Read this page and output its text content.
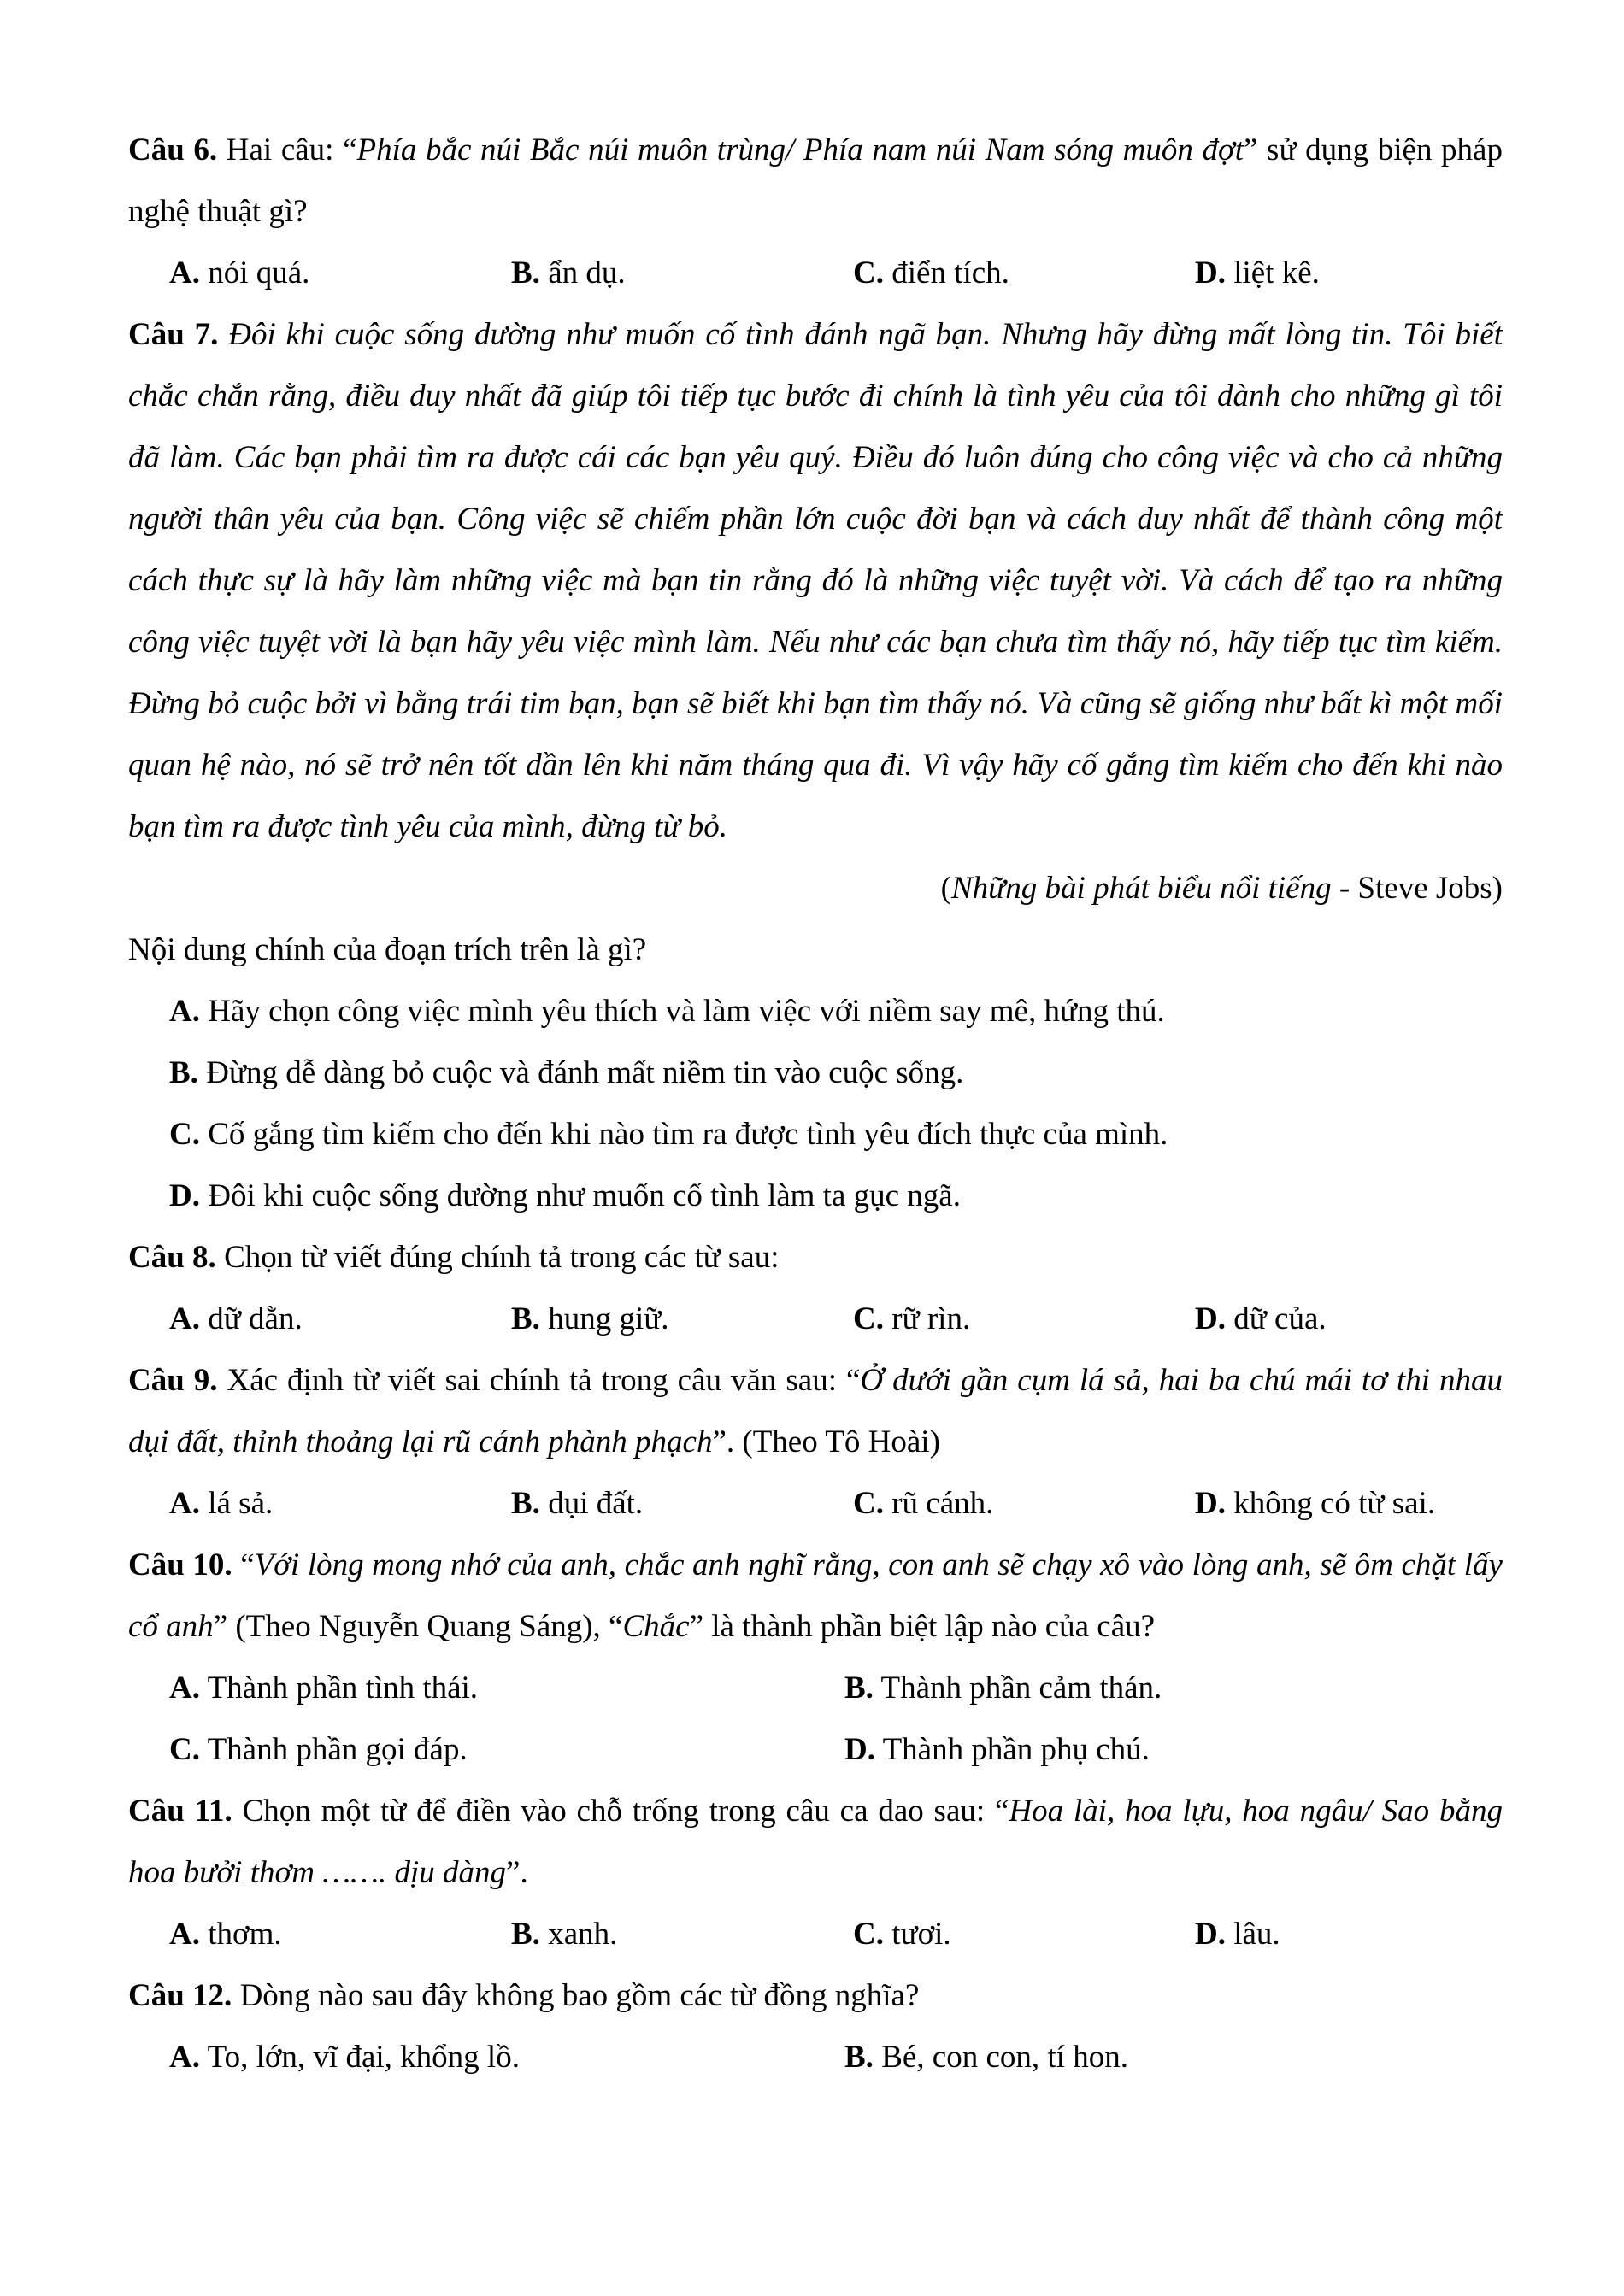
Câu 6. Hai câu: “Phía bắc núi Bắc núi muôn trùng/ Phía nam núi Nam sóng muôn đợt” sử dụng biện pháp nghệ thuật gì?

A. nói quá.	B. ẩn dụ.	C. điển tích.	D. liệt kê.

Câu 7. Đôi khi cuộc sống dường như muốn cố tình đánh ngã bạn. Nhưng hãy đừng mất lòng tin. Tôi biết chắc chắn rằng, điều duy nhất đã giúp tôi tiếp tục bước đi chính là tình yêu của tôi dành cho những gì tôi đã làm. Các bạn phải tìm ra được cái các bạn yêu quý. Điều đó luôn đúng cho công việc và cho cả những người thân yêu của bạn. Công việc sẽ chiếm phần lớn cuộc đời bạn và cách duy nhất để thành công một cách thực sự là hãy làm những việc mà bạn tin rằng đó là những việc tuyệt vời. Và cách để tạo ra những công việc tuyệt vời là bạn hãy yêu việc mình làm. Nếu như các bạn chưa tìm thấy nó, hãy tiếp tục tìm kiếm. Đừng bỏ cuộc bởi vì bằng trái tim bạn, bạn sẽ biết khi bạn tìm thấy nó. Và cũng sẽ giống như bất kì một mối quan hệ nào, nó sẽ trở nên tốt dần lên khi năm tháng qua đi. Vì vậy hãy cố gắng tìm kiếm cho đến khi nào bạn tìm ra được tình yêu của mình, đừng từ bỏ.

(Những bài phát biểu nổi tiếng - Steve Jobs)

Nội dung chính của đoạn trích trên là gì?

A. Hãy chọn công việc mình yêu thích và làm việc với niềm say mê, hứng thú.

B. Đừng dễ dàng bỏ cuộc và đánh mất niềm tin vào cuộc sống.

C. Cố gắng tìm kiếm cho đến khi nào tìm ra được tình yêu đích thực của mình.

D. Đôi khi cuộc sống dường như muốn cố tình làm ta gục ngã.

Câu 8. Chọn từ viết đúng chính tả trong các từ sau:

A. dữ dằn.	B. hung giữ.	C. rữ rìn.	D. dữ của.

Câu 9. Xác định từ viết sai chính tả trong câu văn sau: “Ở dưới gần cụm lá sả, hai ba chú mái tơ thi nhau dụi đất, thỉnh thoảng lại rũ cánh phành phạch”. (Theo Tô Hoài)

A. lá sả.	B. dụi đất.	C. rũ cánh.	D. không có từ sai.

Câu 10. “Với lòng mong nhớ của anh, chắc anh nghĩ rằng, con anh sẽ chạy xô vào lòng anh, sẽ ôm chặt lấy cổ anh” (Theo Nguyễn Quang Sáng), “Chắc” là thành phần biệt lập nào của câu?

A. Thành phần tình thái.	B. Thành phần cảm thán.
C. Thành phần gọi đáp.	D. Thành phần phụ chú.

Câu 11. Chọn một từ để điền vào chỗ trống trong câu ca dao sau: “Hoa lài, hoa lựu, hoa ngâu/ Sao bằng hoa bưởi thơm ……. dịu dàng”.

A. thơm.	B. xanh.	C. tươi.	D. lâu.

Câu 12. Dòng nào sau đây không bao gồm các từ đồng nghĩa?

A. To, lớn, vĩ đại, khổng lồ.	B. Bé, con con, tí hon.
